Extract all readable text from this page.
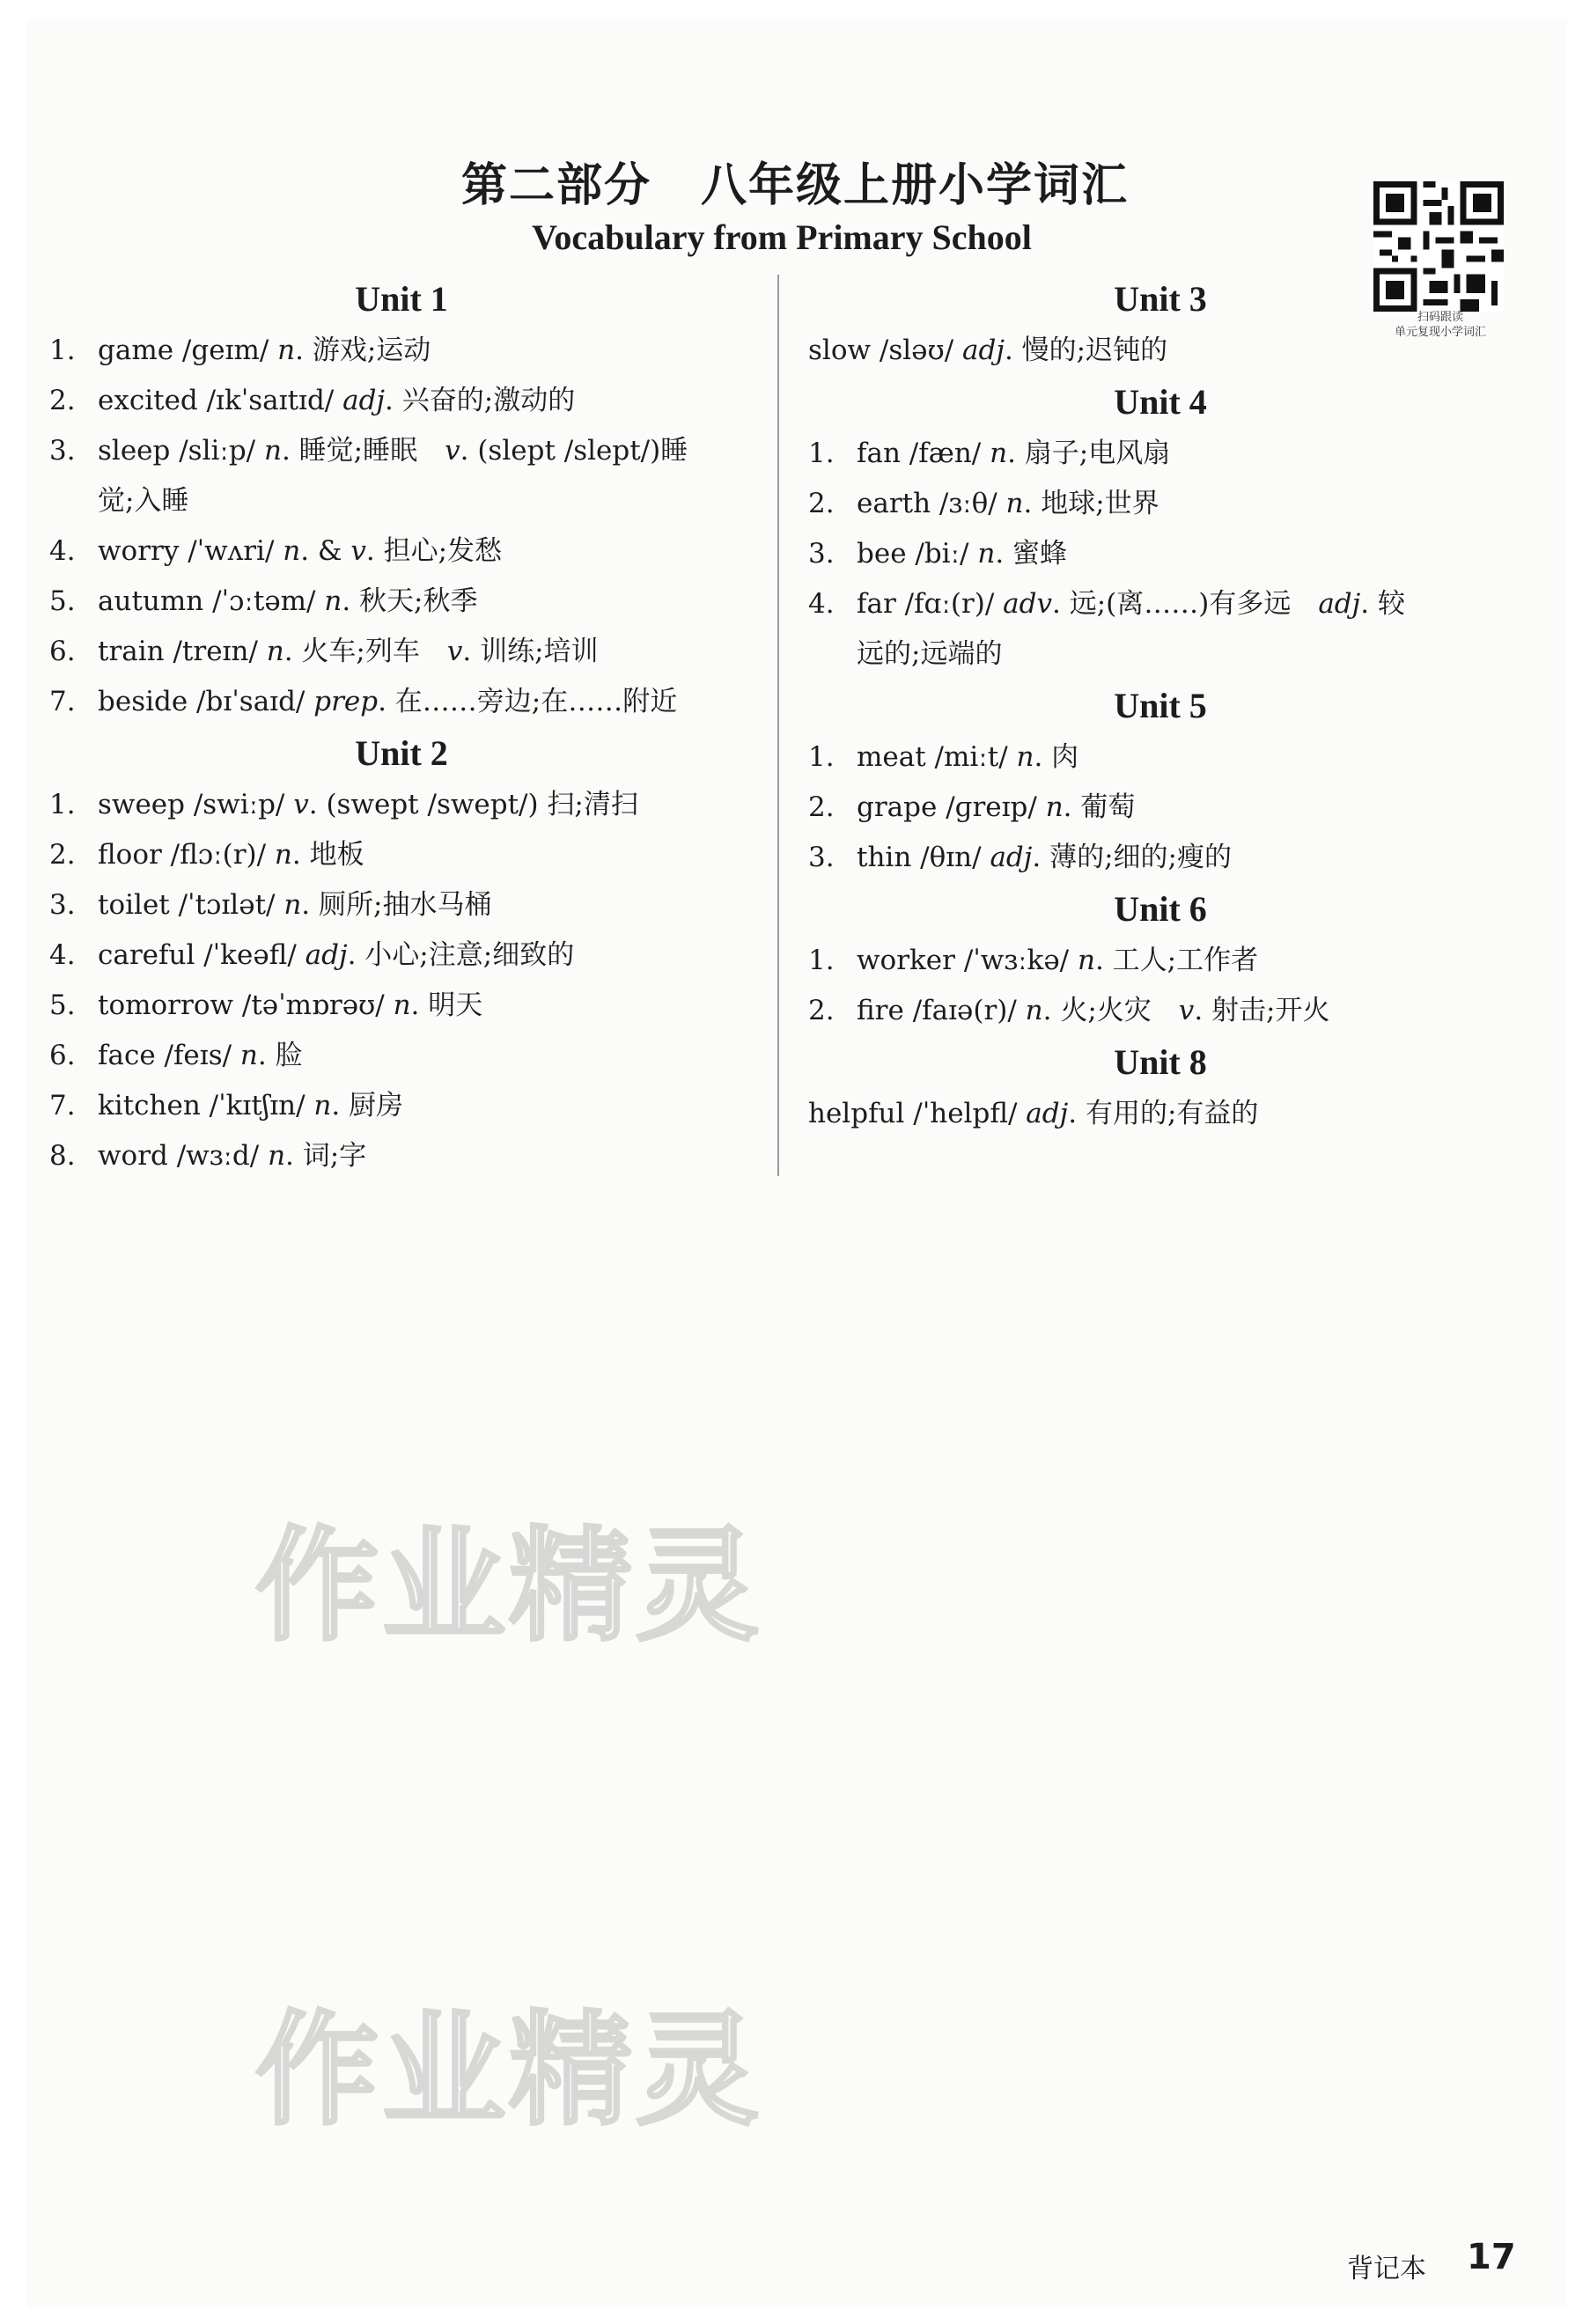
第二部分 八年级上册小学词汇
Vocabulary from Primary School
扫码跟读
单元复现小学词汇
Unit 1
1. game /geɪm/ n. 游戏;运动
2. excited /ɪkˈsaɪtɪd/ adj. 兴奋的;激动的
3. sleep /sliːp/ n. 睡觉;睡眠　v. (slept /slept/)睡
觉;入睡
4. worry /ˈwʌri/ n. & v. 担心;发愁
5. autumn /ˈɔːtəm/ n. 秋天;秋季
6. train /treɪn/ n. 火车;列车　v. 训练;培训
7. beside /bɪˈsaɪd/ prep. 在……旁边;在……附近
Unit 2
1. sweep /swiːp/ v. (swept /swept/) 扫;清扫
2. floor /flɔː(r)/ n. 地板
3. toilet /ˈtɔɪlət/ n. 厕所;抽水马桶
4. careful /ˈkeəfl/ adj. 小心;注意;细致的
5. tomorrow /təˈmɒrəʊ/ n. 明天
6. face /feɪs/ n. 脸
7. kitchen /ˈkɪtʃɪn/ n. 厨房
8. word /wɜːd/ n. 词;字
Unit 3
slow /sləʊ/ adj. 慢的;迟钝的
Unit 4
1. fan /fæn/ n. 扇子;电风扇
2. earth /ɜːθ/ n. 地球;世界
3. bee /biː/ n. 蜜蜂
4. far /fɑː(r)/ adv. 远;(离……)有多远　adj. 较
远的;远端的
Unit 5
1. meat /miːt/ n. 肉
2. grape /ɡreɪp/ n. 葡萄
3. thin /θɪn/ adj. 薄的;细的;瘦的
Unit 6
1. worker /ˈwɜːkə/ n. 工人;工作者
2. fire /faɪə(r)/ n. 火;火灾　v. 射击;开火
Unit 8
helpful /ˈhelpfl/ adj. 有用的;有益的
作业精灵
作业精灵
背记本 17
